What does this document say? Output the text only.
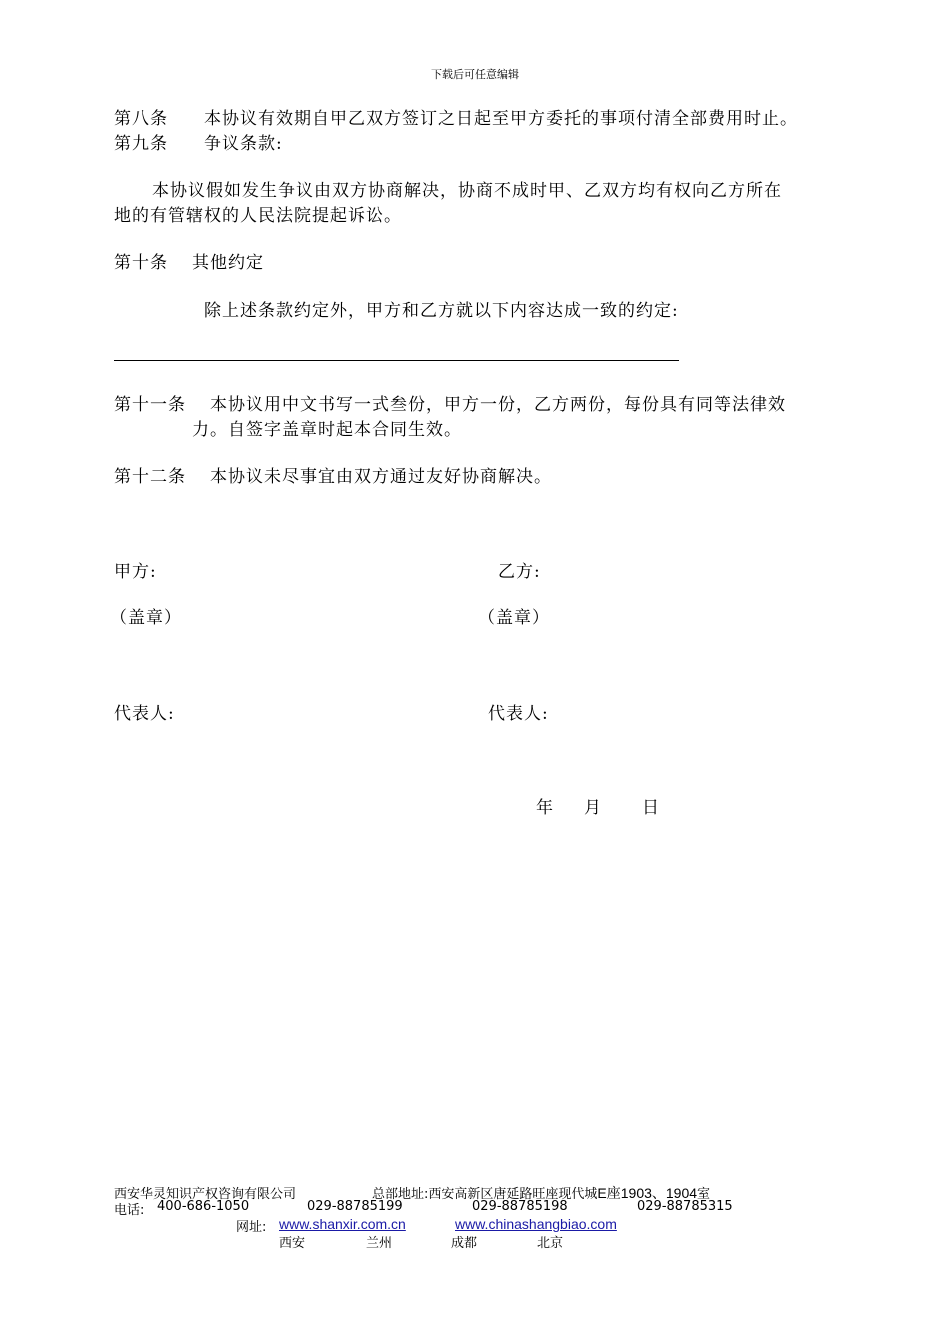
下载后可任意编辑
第八条 本协议有效期自甲乙双方签订之日起至甲方委托的事项付清全部费用时止。
第九条 争议条款:
本协议假如发生争议由双方协商解决，协商不成时甲、乙双方均有权向乙方所在
地的有管辖权的人民法院提起诉讼。
第十条 其他约定
除上述条款约定外，甲方和乙方就以下内容达成一致的约定:
第十一条 本协议用中文书写一式叁份，甲方一份，乙方两份，每份具有同等法律效
力。自签字盖章时起本合同生效。
第十二条 本协议未尽事宜由双方通过友好协商解决。
甲方:	乙方:
（盖章）	（盖章）
代表人:	代表人:
年 月 日
西安华灵知识产权咨询有限公司	总部地址:西安高新区唐延路旺座现代城E座1903、1904室
电话: 400-686-1050	029-88785199	029-88785198	029-88785315
网址: www.shanxir.com.cn	www.chinashangbiao.com
西安	兰州	成都	北京
